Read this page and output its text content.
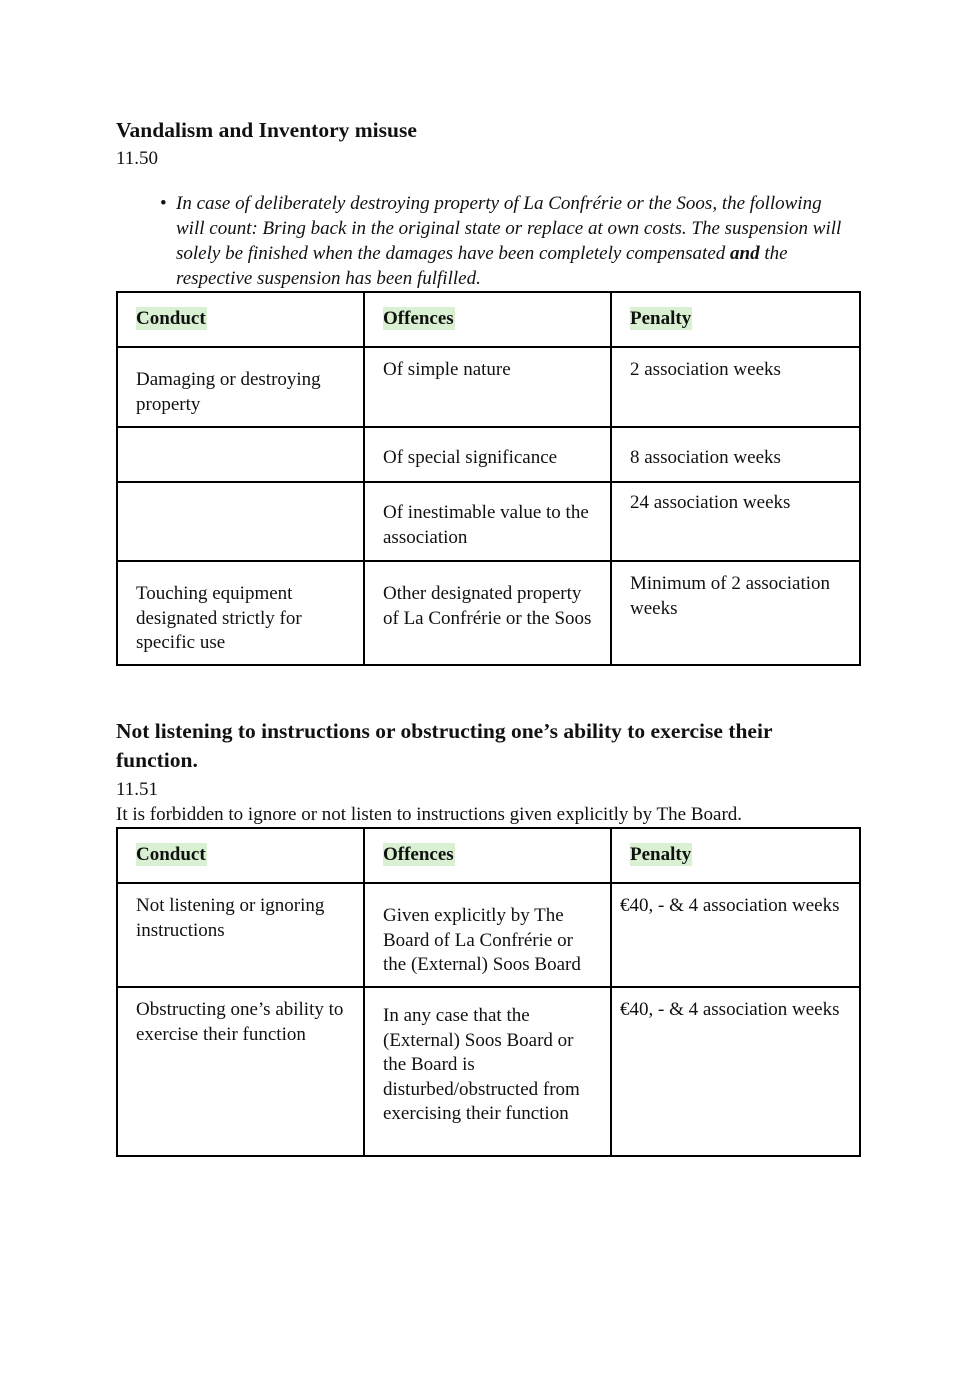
Vandalism and Inventory misuse

11.50

• In case of deliberately destroying property of La Confrérie or the Soos, the following will count: Bring back in the original state or replace at own costs. The suspension will solely be finished when the damages have been completely compensated and the respective suspension has been fulfilled.

Conduct	Offences	Penalty
Damaging or destroying property	Of simple nature	2 association weeks
	Of special significance	8 association weeks
	Of inestimable value to the association	24 association weeks
Touching equipment designated strictly for specific use	Other designated property of La Confrérie or the Soos	Minimum of 2 association weeks
Not listening to instructions or obstructing one’s ability to exercise their function.

11.51

It is forbidden to ignore or not listen to instructions given explicitly by The Board.

Conduct	Offences	Penalty
Not listening or ignoring instructions	Given explicitly by The Board of La Confrérie or the (External) Soos Board	€40, - & 4 association weeks
Obstructing one’s ability to exercise their function	In any case that the (External) Soos Board or the Board is disturbed/obstructed from exercising their function	€40, - & 4 association weeks
